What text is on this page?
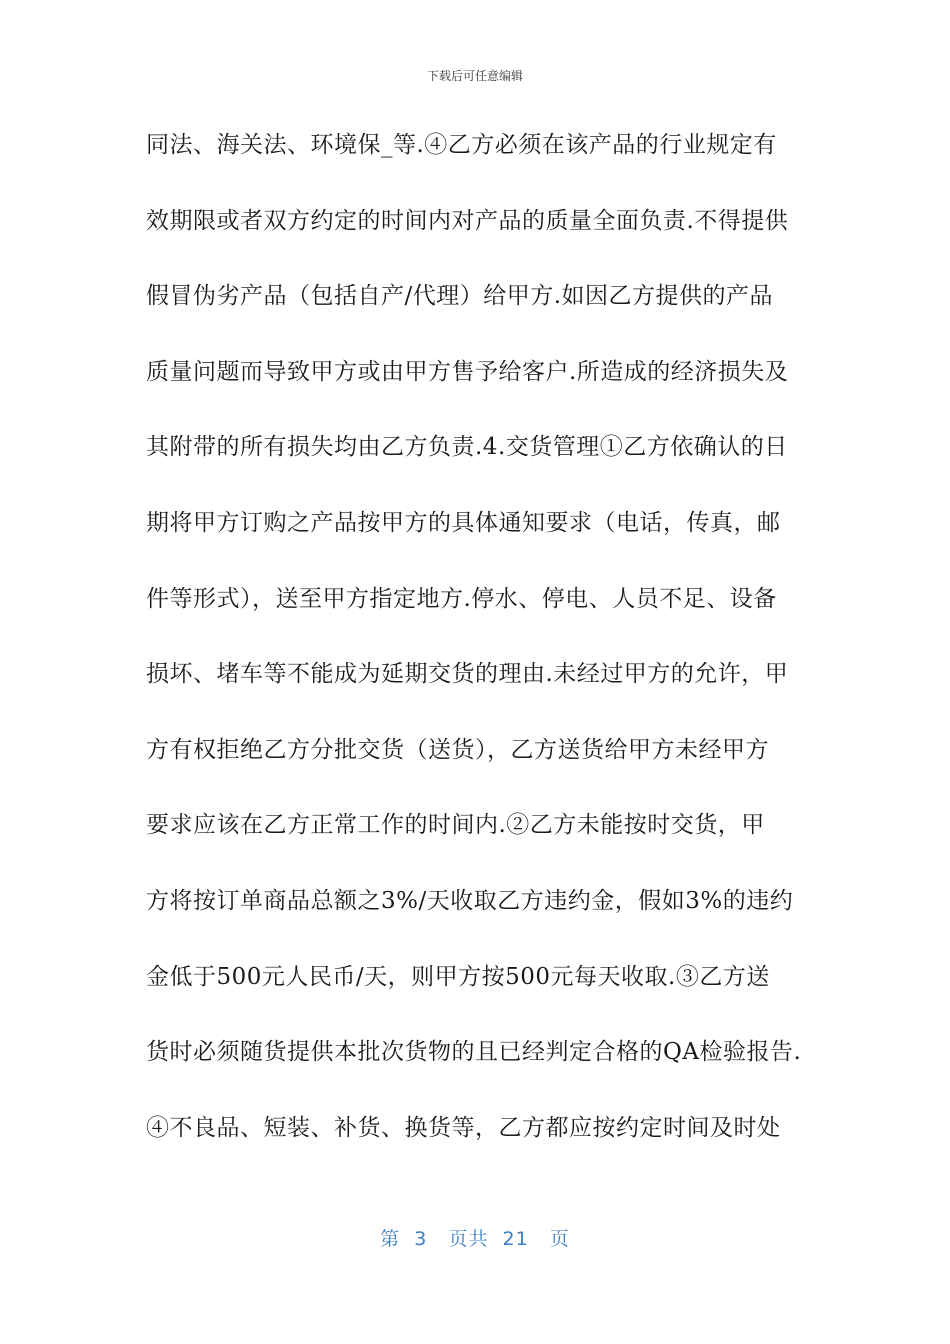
下载后可任意编辑
同法、海关法、环境保_等.④乙方必须在该产品的行业规定有
效期限或者双方约定的时间内对产品的质量全面负责.不得提供
假冒伪劣产品（包括自产/代理）给甲方.如因乙方提供的产品
质量问题而导致甲方或由甲方售予给客户.所造成的经济损失及
其附带的所有损失均由乙方负责.4.交货管理①乙方依确认的日
期将甲方订购之产品按甲方的具体通知要求（电话，传真，邮
件等形式），送至甲方指定地方.停水、停电、人员不足、设备
损坏、堵车等不能成为延期交货的理由.未经过甲方的允许，甲
方有权拒绝乙方分批交货（送货），乙方送货给甲方未经甲方
要求应该在乙方正常工作的时间内.②乙方未能按时交货，甲
方将按订单商品总额之3%/天收取乙方违约金，假如3%的违约
金低于500元人民币/天，则甲方按500元每天收取.③乙方送
货时必须随货提供本批次货物的且已经判定合格的QA检验报告.
④不良品、短装、补货、换货等，乙方都应按约定时间及时处
第 3 页共 21 页
